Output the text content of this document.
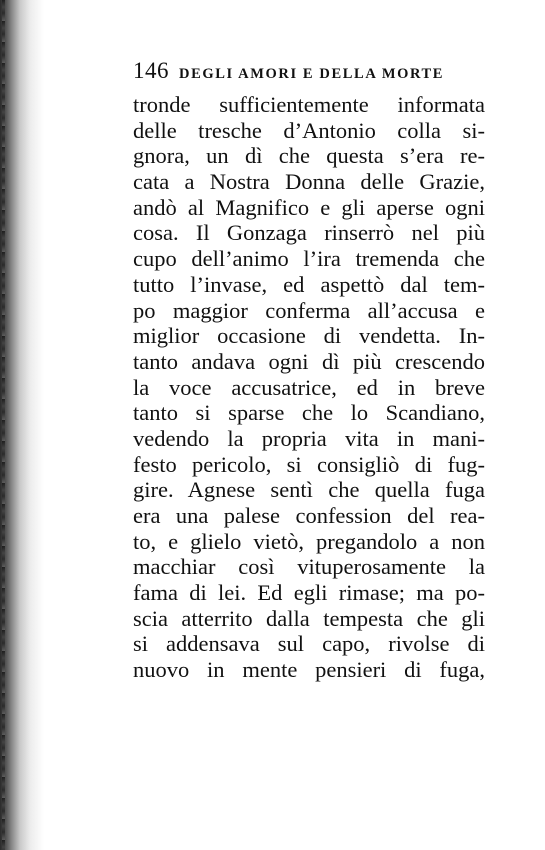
146 DEGLI AMORI E DELLA MORTE
tronde sufficientemente informata
delle tresche d’Antonio colla si-
gnora, un dì che questa s’era re-
cata a Nostra Donna delle Grazie,
andò al Magnifico e gli aperse ogni
cosa. Il Gonzaga rinserrò nel più
cupo dell’animo l’ira tremenda che
tutto l’invase, ed aspettò dal tem-
po maggior conferma all’accusa e
miglior occasione di vendetta. In-
tanto andava ogni dì più crescendo
la voce accusatrice, ed in breve
tanto si sparse che lo Scandiano,
vedendo la propria vita in mani-
festo pericolo, si consigliò di fug-
gire. Agnese sentì che quella fuga
era una palese confession del rea-
to, e glielo vietò, pregandolo a non
macchiar così vituperosamente la
fama di lei. Ed egli rimase; ma po-
scia atterrito dalla tempesta che gli
si addensava sul capo, rivolse di
nuovo in mente pensieri di fuga,
